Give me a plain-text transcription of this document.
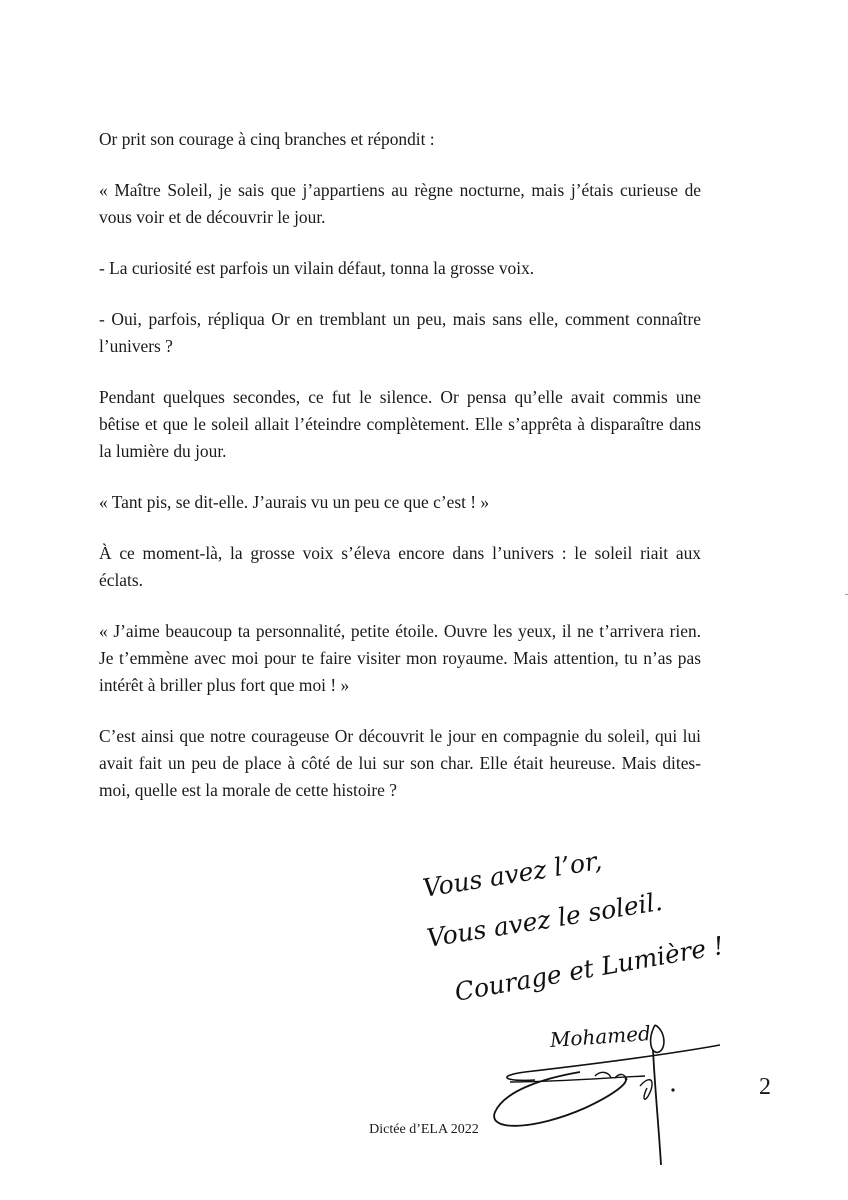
Or prit son courage à cinq branches et répondit :

« Maître Soleil, je sais que j’appartiens au règne nocturne, mais j’étais curieuse de vous voir et de découvrir le jour.

- La curiosité est parfois un vilain défaut, tonna la grosse voix.

- Oui, parfois, répliqua Or en tremblant un peu, mais sans elle, comment connaître l’univers ?

Pendant quelques secondes, ce fut le silence. Or pensa qu’elle avait commis une bêtise et que le soleil allait l’éteindre complètement. Elle s’apprêta à disparaître dans la lumière du jour.

« Tant pis, se dit-elle. J’aurais vu un peu ce que c’est ! »

À ce moment-là, la grosse voix s’éleva encore dans l’univers : le soleil riait aux éclats.

« J’aime beaucoup ta personnalité, petite étoile. Ouvre les yeux, il ne t’arrivera rien. Je t’emmène avec moi pour te faire visiter mon royaume. Mais attention, tu n’as pas intérêt à briller plus fort que moi ! »

C’est ainsi que notre courageuse Or découvrit le jour en compagnie du soleil, qui lui avait fait un peu de place à côté de lui sur son char. Elle était heureuse. Mais dites-moi, quelle est la morale de cette histoire ?

Vous avez l’or,
Vous avez le soleil.
Courage et Lumière !
Mohamed
2
Dictée d’ELA 2022
